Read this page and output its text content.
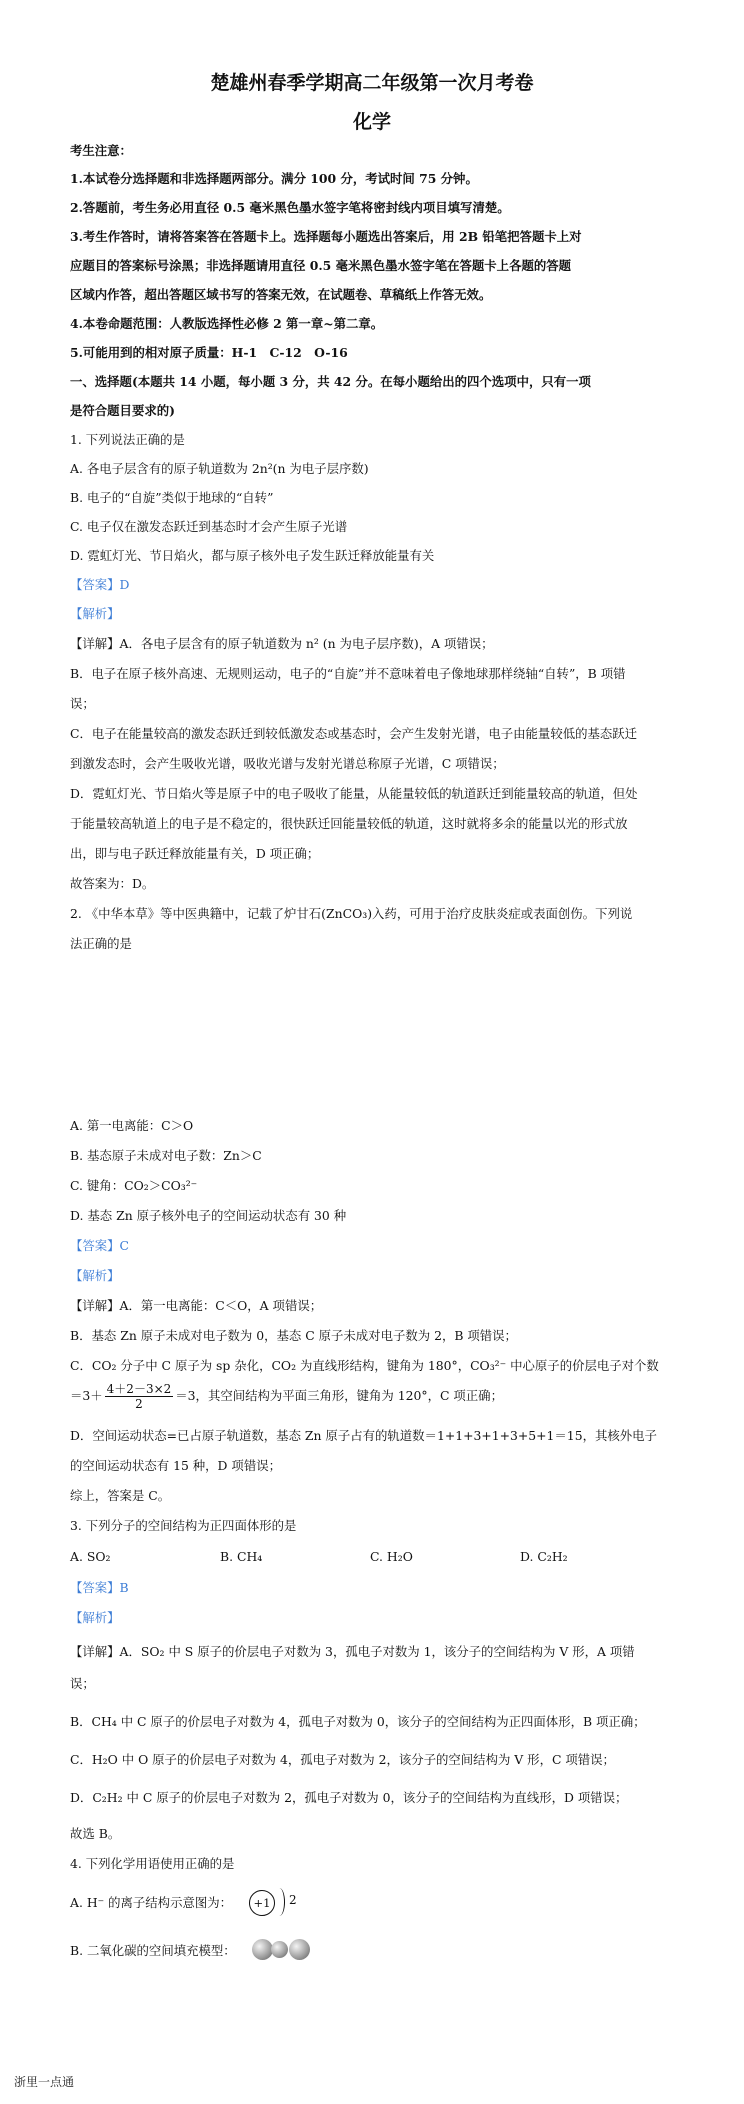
楚雄州春季学期高二年级第一次月考卷
化学
考生注意：
1.本试卷分选择题和非选择题两部分。满分 100 分，考试时间 75 分钟。
2.答题前，考生务必用直径 0.5 毫米黑色墨水签字笔将密封线内项目填写清楚。
3.考生作答时，请将答案答在答题卡上。选择题每小题选出答案后，用 2B 铅笔把答题卡上对
应题目的答案标号涂黑；非选择题请用直径 0.5 毫米黑色墨水签字笔在答题卡上各题的答题
区域内作答，超出答题区域书写的答案无效，在试题卷、草稿纸上作答无效。
4.本卷命题范围：人教版选择性必修 2 第一章~第二章。
5.可能用到的相对原子质量：H-1　C-12　O-16
一、选择题(本题共 14 小题，每小题 3 分，共 42 分。在每小题给出的四个选项中，只有一项
是符合题目要求的)
1. 下列说法正确的是
A. 各电子层含有的原子轨道数为 2n²(n 为电子层序数)
B. 电子的“自旋”类似于地球的“自转”
C. 电子仅在激发态跃迁到基态时才会产生原子光谱
D. 霓虹灯光、节日焰火，都与原子核外电子发生跃迁释放能量有关
【答案】D
【解析】
【详解】A．各电子层含有的原子轨道数为 n² (n 为电子层序数)，A 项错误；
B．电子在原子核外高速、无规则运动，电子的“自旋”并不意味着电子像地球那样绕轴“自转”，B 项错
误；
C．电子在能量较高的激发态跃迁到较低激发态或基态时，会产生发射光谱，电子由能量较低的基态跃迁
到激发态时，会产生吸收光谱，吸收光谱与发射光谱总称原子光谱，C 项错误；
D．霓虹灯光、节日焰火等是原子中的电子吸收了能量，从能量较低的轨道跃迁到能量较高的轨道，但处
于能量较高轨道上的电子是不稳定的，很快跃迁回能量较低的轨道，这时就将多余的能量以光的形式放
出，即与电子跃迁释放能量有关，D 项正确；
故答案为：D。
2. 《中华本草》等中医典籍中，记载了炉甘石(ZnCO₃)入药，可用于治疗皮肤炎症或表面创伤。下列说
法正确的是
A. 第一电离能：C＞O
B. 基态原子未成对电子数：Zn＞C
C. 键角：CO₂＞CO₃²⁻
D. 基态 Zn 原子核外电子的空间运动状态有 30 种
【答案】C
【解析】
【详解】A．第一电离能：C＜O，A 项错误；
B．基态 Zn 原子未成对电子数为 0，基态 C 原子未成对电子数为 2，B 项错误；
C．CO₂ 分子中 C 原子为 sp 杂化，CO₂ 为直线形结构，键角为 180°，CO₃²⁻ 中心原子的价层电子对个数
$=3+ \frac{4+2-3\times 2}{2} =3$，其空间结构为平面三角形，键角为 120°，C 项正确；
D．空间运动状态=已占原子轨道数，基态 Zn 原子占有的轨道数＝1+1+3+1+3+5+1＝15，其核外电子
的空间运动状态有 15 种，D 项错误；
综上，答案是 C。
3. 下列分子的空间结构为正四面体形的是
A. SO₂	B. CH₄	C. H₂O	D. C₂H₂
【答案】B
【解析】
【详解】A．SO₂ 中 S 原子的价层电子对数为 3，孤电子对数为 1，该分子的空间结构为 V 形，A 项错
误；
B．CH₄ 中 C 原子的价层电子对数为 4，孤电子对数为 0，该分子的空间结构为正四面体形，B 项正确；
C．H₂O 中 O 原子的价层电子对数为 4，孤电子对数为 2，该分子的空间结构为 V 形，C 项错误；
D．C₂H₂ 中 C 原子的价层电子对数为 2，孤电子对数为 0，该分子的空间结构为直线形，D 项错误；
故选 B。
4. 下列化学用语使用正确的是
A. H⁻ 的离子结构示意图为：	+1	2
B. 二氧化碳的空间填充模型：
浙里一点通
